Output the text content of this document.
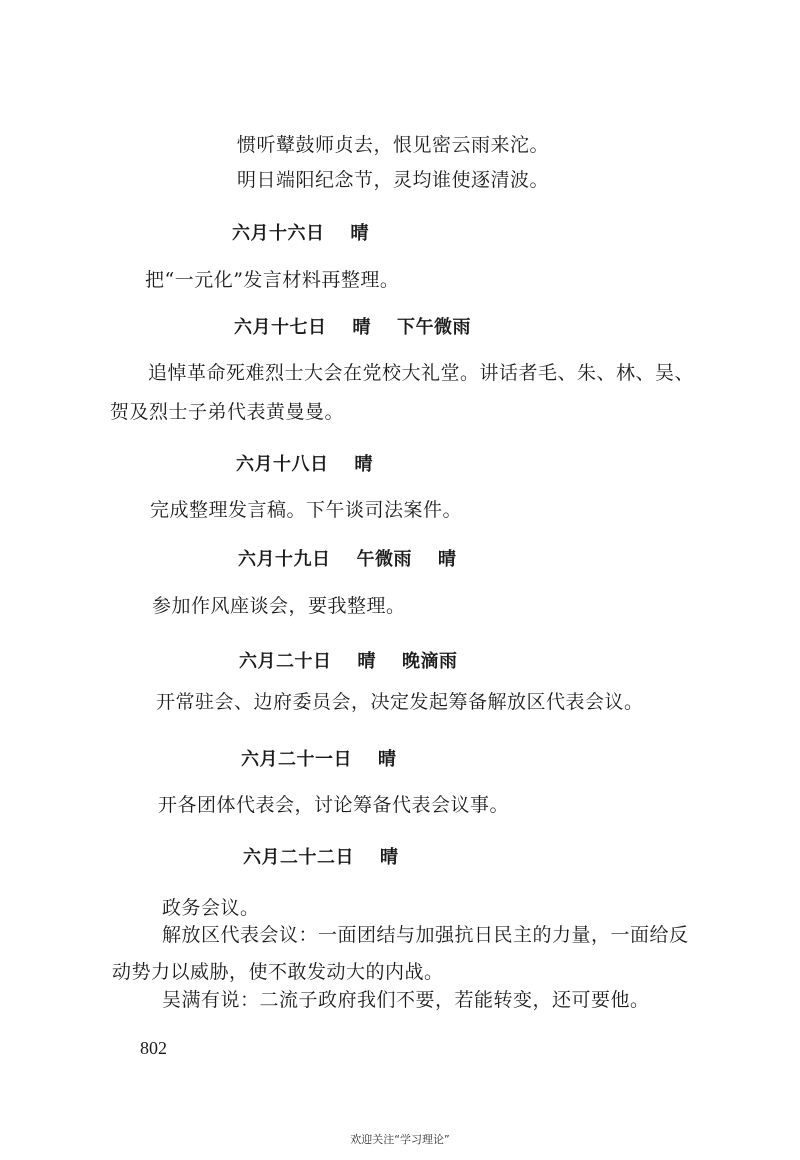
惯听鼙鼓师贞去，恨见密云雨来沱。

明日端阳纪念节，灵均谁使逐清波。

六月十六日 晴

把“一元化”发言材料再整理。

六月十七日 晴 下午微雨

追悼革命死难烈士大会在党校大礼堂。讲话者毛、朱、林、吴、

贺及烈士子弟代表黄曼曼。

六月十八日 晴

完成整理发言稿。下午谈司法案件。

六月十九日 午微雨 晴

参加作风座谈会，要我整理。

六月二十日 晴 晚滴雨

开常驻会、边府委员会，决定发起筹备解放区代表会议。

六月二十一日 晴

开各团体代表会，讨论筹备代表会议事。

六月二十二日 晴

政务会议。

解放区代表会议：一面团结与加强抗日民主的力量，一面给反

动势力以威胁，使不敢发动大的内战。

吴满有说：二流子政府我们不要，若能转变，还可要他。

802
欢迎关注“学习理论”
